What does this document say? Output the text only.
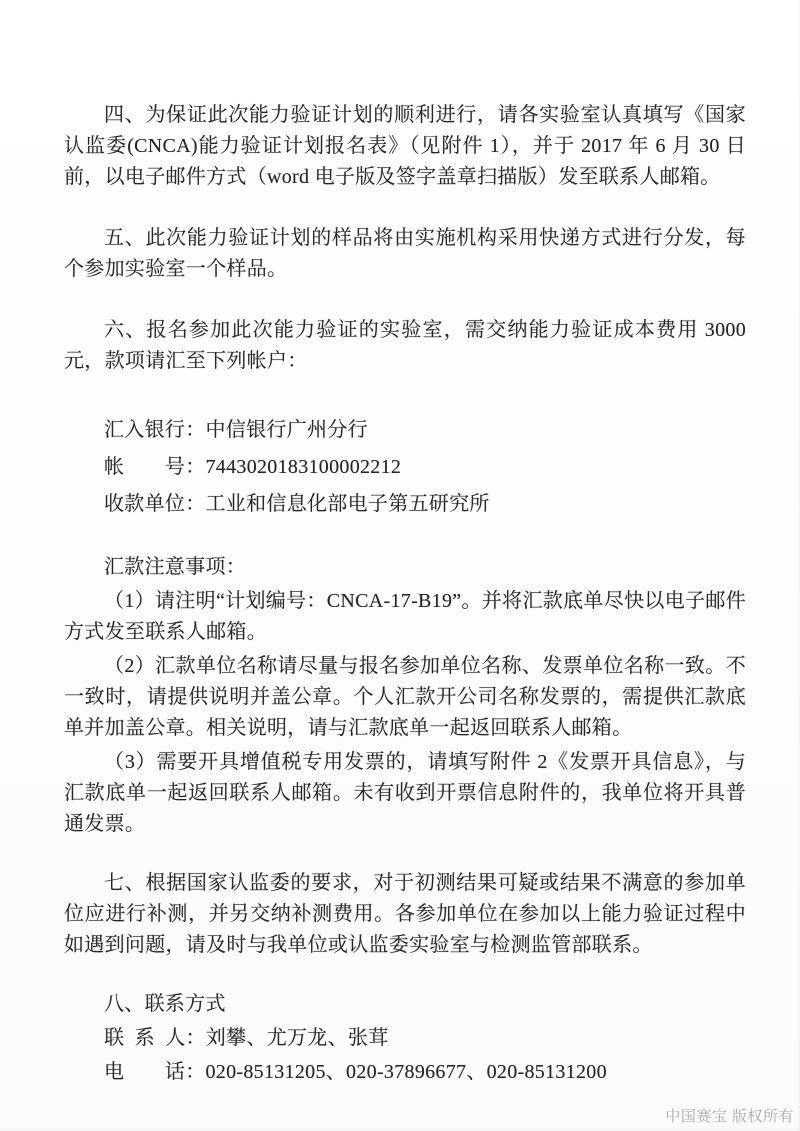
四、为保证此次能力验证计划的顺利进行，请各实验室认真填写《国家认监委(CNCA)能力验证计划报名表》（见附件 1），并于 2017 年 6 月 30 日前，以电子邮件方式（word 电子版及签字盖章扫描版）发至联系人邮箱。

五、此次能力验证计划的样品将由实施机构采用快递方式进行分发，每个参加实验室一个样品。

六、报名参加此次能力验证的实验室，需交纳能力验证成本费用 3000 元，款项请汇至下列帐户：

汇入银行：中信银行广州分行

帐　　号：7443020183100002212

收款单位：工业和信息化部电子第五研究所

汇款注意事项：

（1）请注明“计划编号：CNCA-17-B19”。并将汇款底单尽快以电子邮件方式发至联系人邮箱。

（2）汇款单位名称请尽量与报名参加单位名称、发票单位名称一致。不一致时，请提供说明并盖公章。个人汇款开公司名称发票的，需提供汇款底单并加盖公章。相关说明，请与汇款底单一起返回联系人邮箱。

（3）需要开具增值税专用发票的，请填写附件 2《发票开具信息》，与汇款底单一起返回联系人邮箱。未有收到开票信息附件的，我单位将开具普通发票。

七、根据国家认监委的要求，对于初测结果可疑或结果不满意的参加单位应进行补测，并另交纳补测费用。各参加单位在参加以上能力验证过程中如遇到问题，请及时与我单位或认监委实验室与检测监管部联系。

八、联系方式

联 系 人：刘攀、尤万龙、张茸

电　　话：020-85131205、020-37896677、020-85131200

中国赛宝 版权所有
